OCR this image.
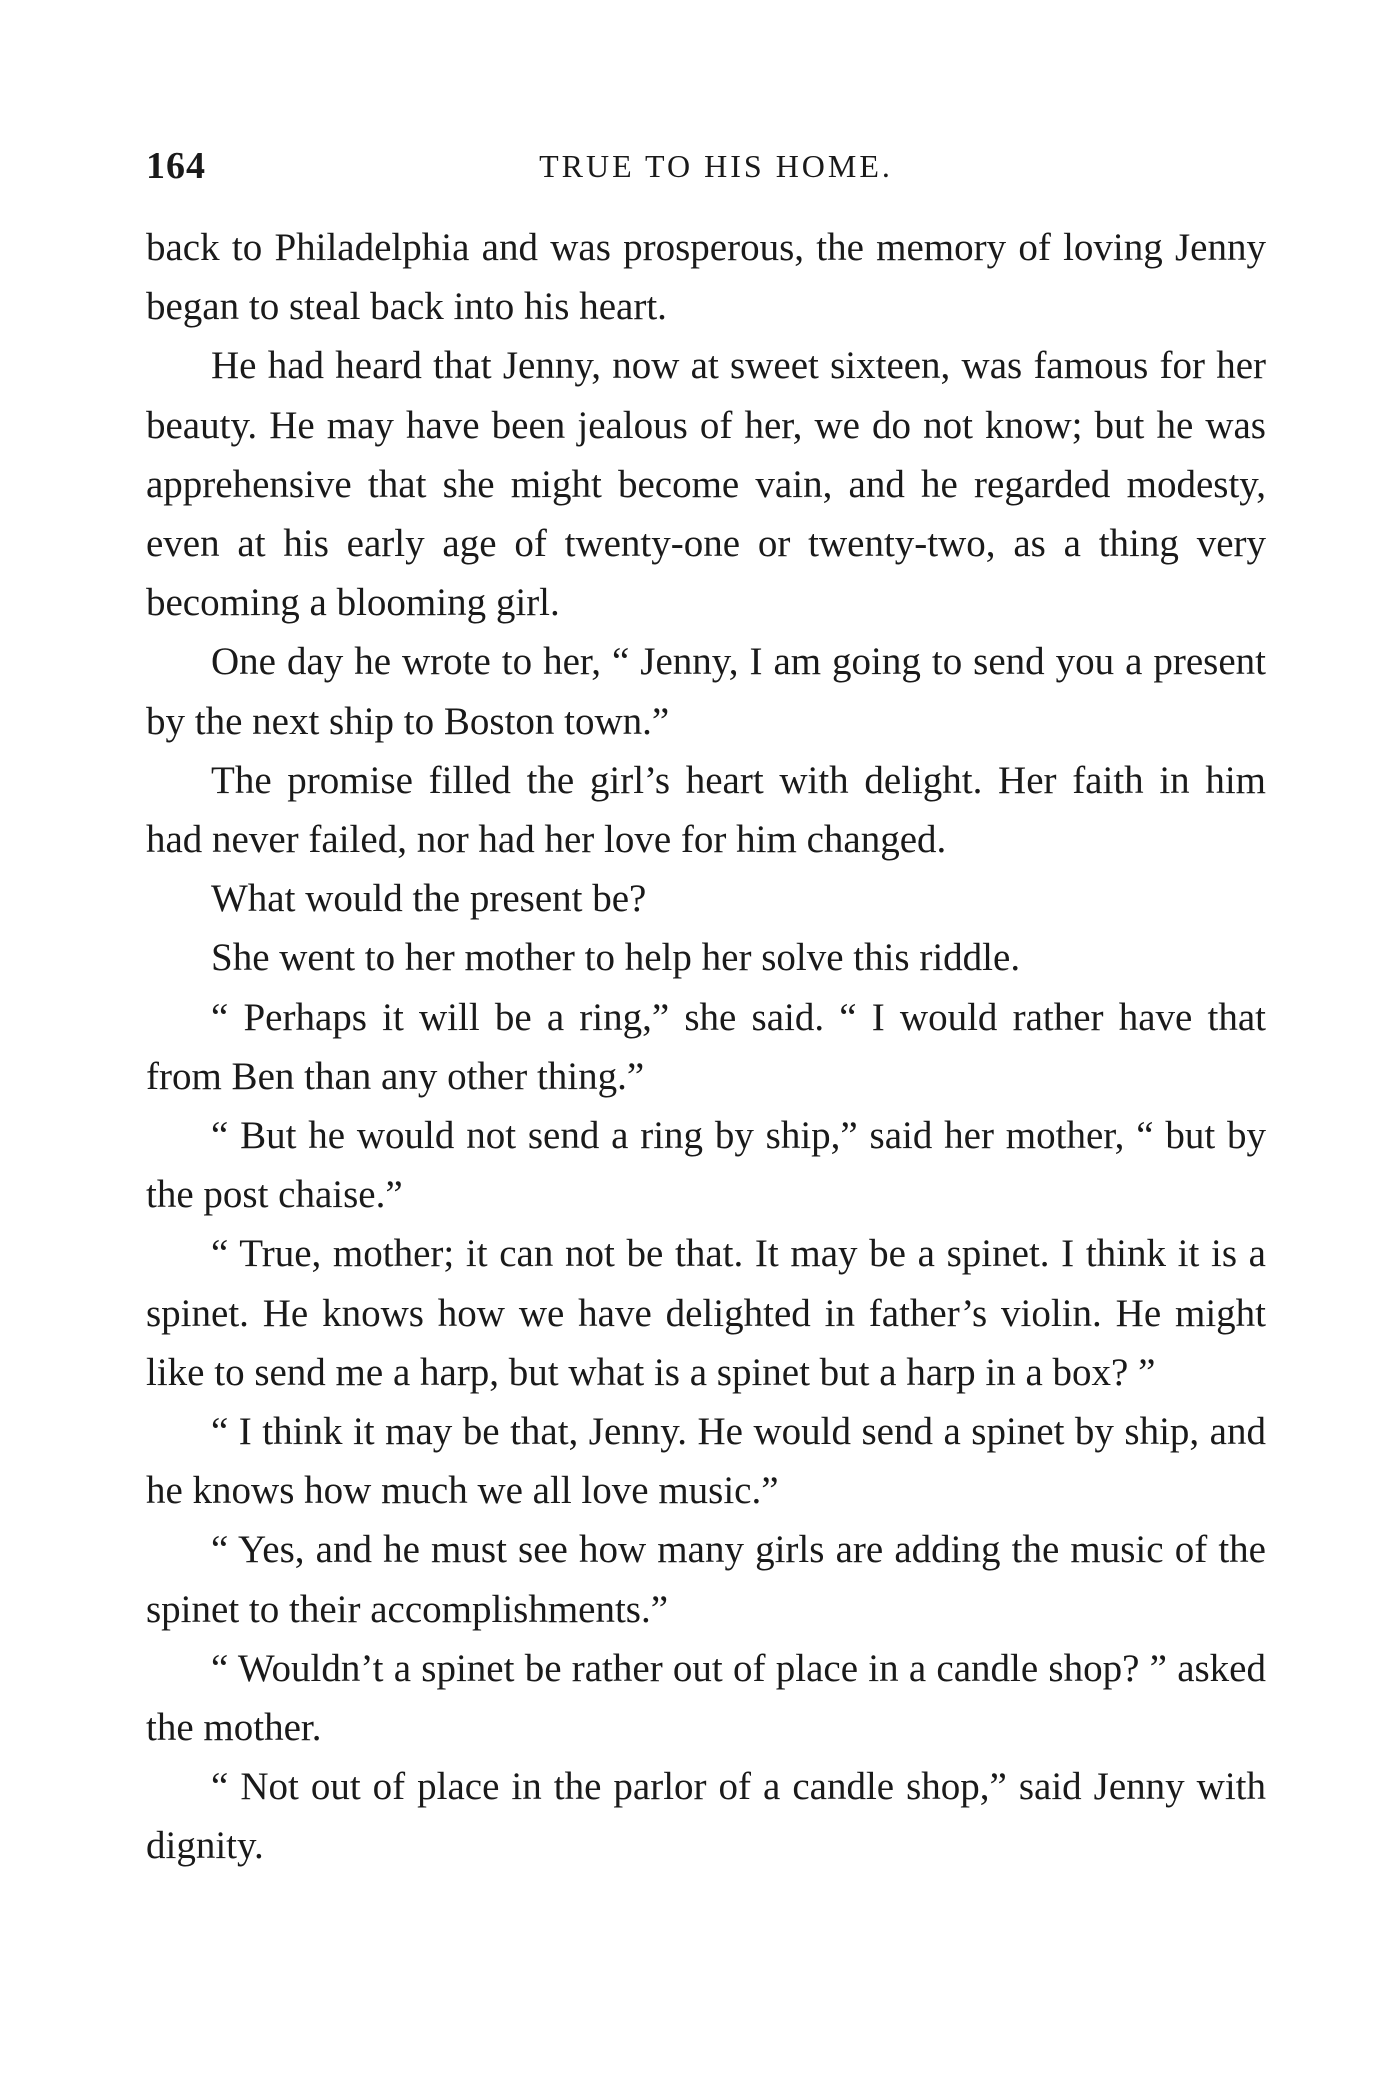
164	TRUE TO HIS HOME.

back to Philadelphia and was prosperous, the memory of loving Jenny began to steal back into his heart.

He had heard that Jenny, now at sweet sixteen, was famous for her beauty. He may have been jealous of her, we do not know; but he was apprehensive that she might become vain, and he regarded modesty, even at his early age of twenty-one or twenty-two, as a thing very becoming a blooming girl.

One day he wrote to her, “ Jenny, I am going to send you a present by the next ship to Boston town.”

The promise filled the girl’s heart with delight. Her faith in him had never failed, nor had her love for him changed.

What would the present be?

She went to her mother to help her solve this riddle.

“ Perhaps it will be a ring,” she said. “ I would rather have that from Ben than any other thing.”

“ But he would not send a ring by ship,” said her mother, “ but by the post chaise.”

“ True, mother; it can not be that. It may be a spinet. I think it is a spinet. He knows how we have delighted in father’s violin. He might like to send me a harp, but what is a spinet but a harp in a box? ”

“ I think it may be that, Jenny. He would send a spinet by ship, and he knows how much we all love music.”

“ Yes, and he must see how many girls are adding the music of the spinet to their accomplishments.”

“ Wouldn’t a spinet be rather out of place in a candle shop? ” asked the mother.

“ Not out of place in the parlor of a candle shop,” said Jenny with dignity.
